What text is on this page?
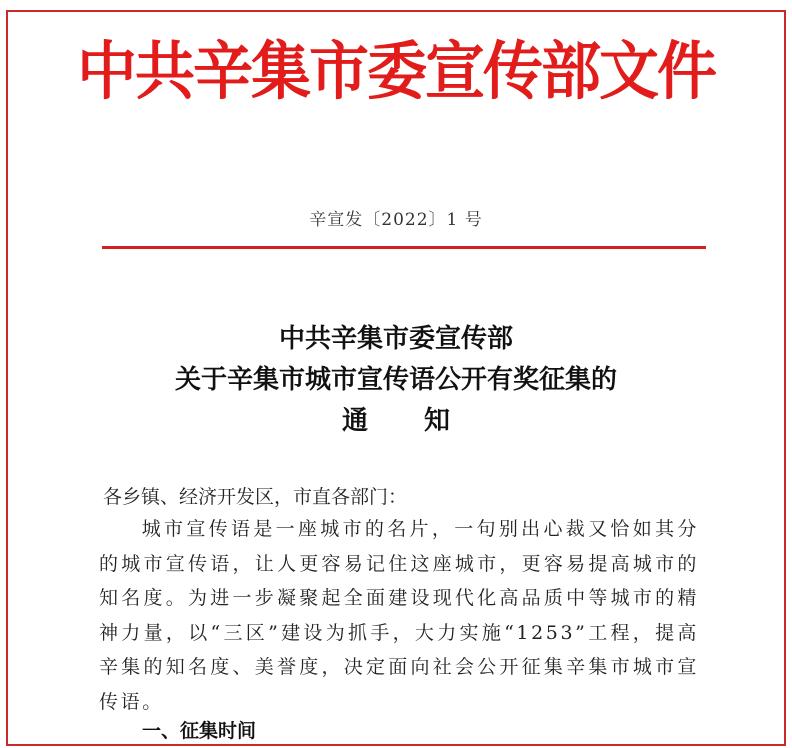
中共辛集市委宣传部文件
辛宣发〔2022〕1 号
中共辛集市委宣传部
关于辛集市城市宣传语公开有奖征集的
通 知
各乡镇、经济开发区，市直各部门：
城市宣传语是一座城市的名片，一句别出心裁又恰如其分的城市宣传语，让人更容易记住这座城市，更容易提高城市的知名度。为进一步凝聚起全面建设现代化高品质中等城市的精神力量，以“三区”建设为抓手，大力实施“1253”工程，提高辛集的知名度、美誉度，决定面向社会公开征集辛集市城市宣传语。
一、征集时间
